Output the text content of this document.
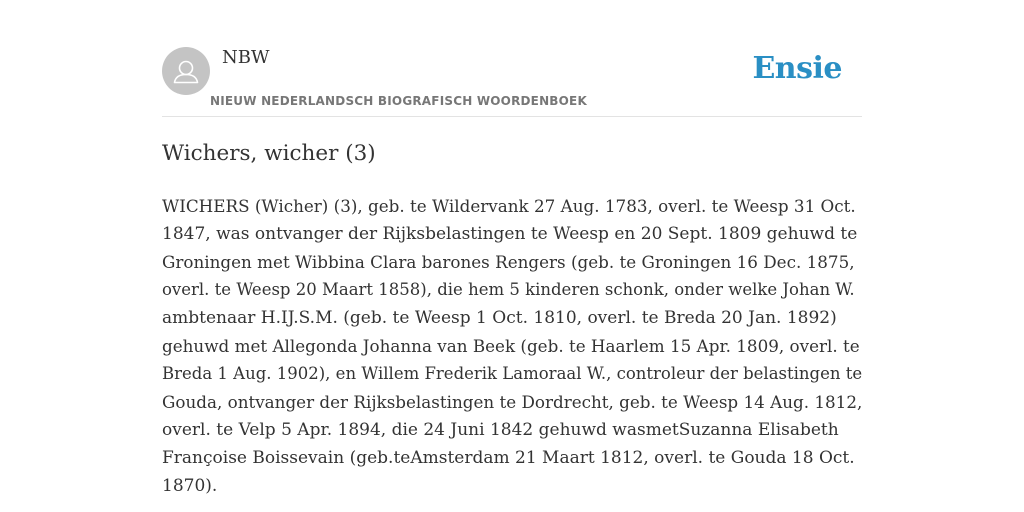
NBW
NIEUW NEDERLANDSCH BIOGRAFISCH WOORDENBOEK
Ensie
Wichers, wicher (3)

WICHERS (Wicher) (3), geb. te Wildervank 27 Aug. 1783, overl. te Weesp 31 Oct.
1847, was ontvanger der Rijksbelastingen te Weesp en 20 Sept. 1809 gehuwd te
Groningen met Wibbina Clara barones Rengers (geb. te Groningen 16 Dec. 1875,
overl. te Weesp 20 Maart 1858), die hem 5 kinderen schonk, onder welke Johan W.
ambtenaar H.IJ.S.M. (geb. te Weesp 1 Oct. 1810, overl. te Breda 20 Jan. 1892)
gehuwd met Allegonda Johanna van Beek (geb. te Haarlem 15 Apr. 1809, overl. te
Breda 1 Aug. 1902), en Willem Frederik Lamoraal W., controleur der belastingen te
Gouda, ontvanger der Rijksbelastingen te Dordrecht, geb. te Weesp 14 Aug. 1812,
overl. te Velp 5 Apr. 1894, die 24 Juni 1842 gehuwd wasmetSuzanna Elisabeth
Françoise Boissevain (geb.teAmsterdam 21 Maart 1812, overl. te Gouda 18 Oct.
1870).
